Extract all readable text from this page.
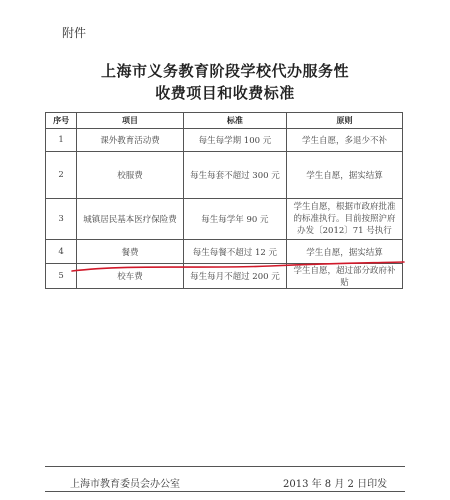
附件
上海市义务教育阶段学校代办服务性
收费项目和收费标准
序号	项目	标准	原则
1	课外教育活动费	每生每学期 100 元	学生自愿，多退少不补
2	校服费	每生每套不超过 300 元	学生自愿，据实结算
3	城镇居民基本医疗保险费	每生每学年 90 元	学生自愿，根据市政府批准的标准执行。目前按照沪府办发〔2012〕71 号执行
4	餐费	每生每餐不超过 12 元	学生自愿，据实结算
5	校车费	每生每月不超过 200 元	学生自愿，超过部分政府补贴
上海市教育委员会办公室	2013 年 8 月 2 日印发
